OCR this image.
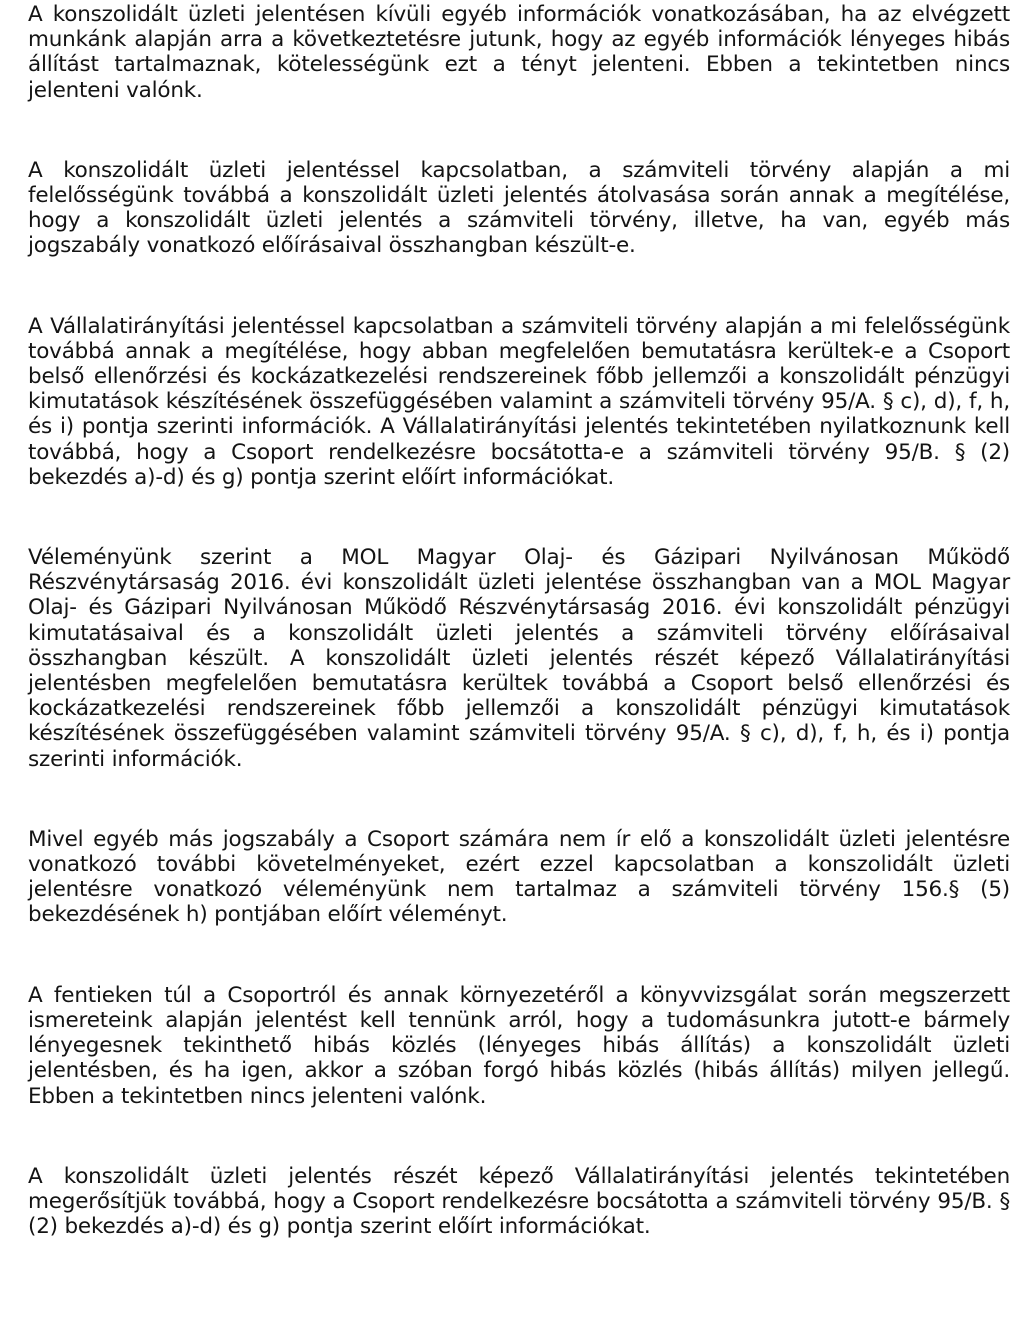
A konszolidált üzleti jelentésen kívüli egyéb információk vonatkozásában, ha az elvégzett munkánk alapján arra a következtetésre jutunk, hogy az egyéb információk lényeges hibás állítást tartalmaznak, kötelességünk ezt a tényt jelenteni. Ebben a tekintetben nincs jelenteni valónk.

A konszolidált üzleti jelentéssel kapcsolatban, a számviteli törvény alapján a mi felelősségünk továbbá a konszolidált üzleti jelentés átolvasása során annak a megítélése, hogy a konszolidált üzleti jelentés a számviteli törvény, illetve, ha van, egyéb más jogszabály vonatkozó előírásaival összhangban készült-e.

A Vállalatirányítási jelentéssel kapcsolatban a számviteli törvény alapján a mi felelősségünk továbbá annak a megítélése, hogy abban megfelelően bemutatásra kerültek-e a Csoport belső ellenőrzési és kockázatkezelési rendszereinek főbb jellemzői a konszolidált pénzügyi kimutatások készítésének összefüggésében valamint a számviteli törvény 95/A. § c), d), f, h, és i) pontja szerinti információk. A Vállalatirányítási jelentés tekintetében nyilatkoznunk kell továbbá, hogy a Csoport rendelkezésre bocsátotta-e a számviteli törvény 95/B. § (2) bekezdés a)-d) és g) pontja szerint előírt információkat.

Véleményünk szerint a MOL Magyar Olaj- és Gázipari Nyilvánosan Működő Részvénytársaság 2016. évi konszolidált üzleti jelentése összhangban van a MOL Magyar Olaj- és Gázipari Nyilvánosan Működő Részvénytársaság 2016. évi konszolidált pénzügyi kimutatásaival és a konszolidált üzleti jelentés a számviteli törvény előírásaival összhangban készült. A konszolidált üzleti jelentés részét képező Vállalatirányítási jelentésben megfelelően bemutatásra kerültek továbbá a Csoport belső ellenőrzési és kockázatkezelési rendszereinek főbb jellemzői a konszolidált pénzügyi kimutatások készítésének összefüggésében valamint számviteli törvény 95/A. § c), d), f, h, és i) pontja szerinti információk.

Mivel egyéb más jogszabály a Csoport számára nem ír elő a konszolidált üzleti jelentésre vonatkozó további követelményeket, ezért ezzel kapcsolatban a konszolidált üzleti jelentésre vonatkozó véleményünk nem tartalmaz a számviteli törvény 156.§ (5) bekezdésének h) pontjában előírt véleményt.

A fentieken túl a Csoportról és annak környezetéről a könyvvizsgálat során megszerzett ismereteink alapján jelentést kell tennünk arról, hogy a tudomásunkra jutott-e bármely lényegesnek tekinthető hibás közlés (lényeges hibás állítás) a konszolidált üzleti jelentésben, és ha igen, akkor a szóban forgó hibás közlés (hibás állítás) milyen jellegű. Ebben a tekintetben nincs jelenteni valónk.

A konszolidált üzleti jelentés részét képező Vállalatirányítási jelentés tekintetében megerősítjük továbbá, hogy a Csoport rendelkezésre bocsátotta a számviteli törvény 95/B. § (2) bekezdés a)-d) és g) pontja szerint előírt információkat.
